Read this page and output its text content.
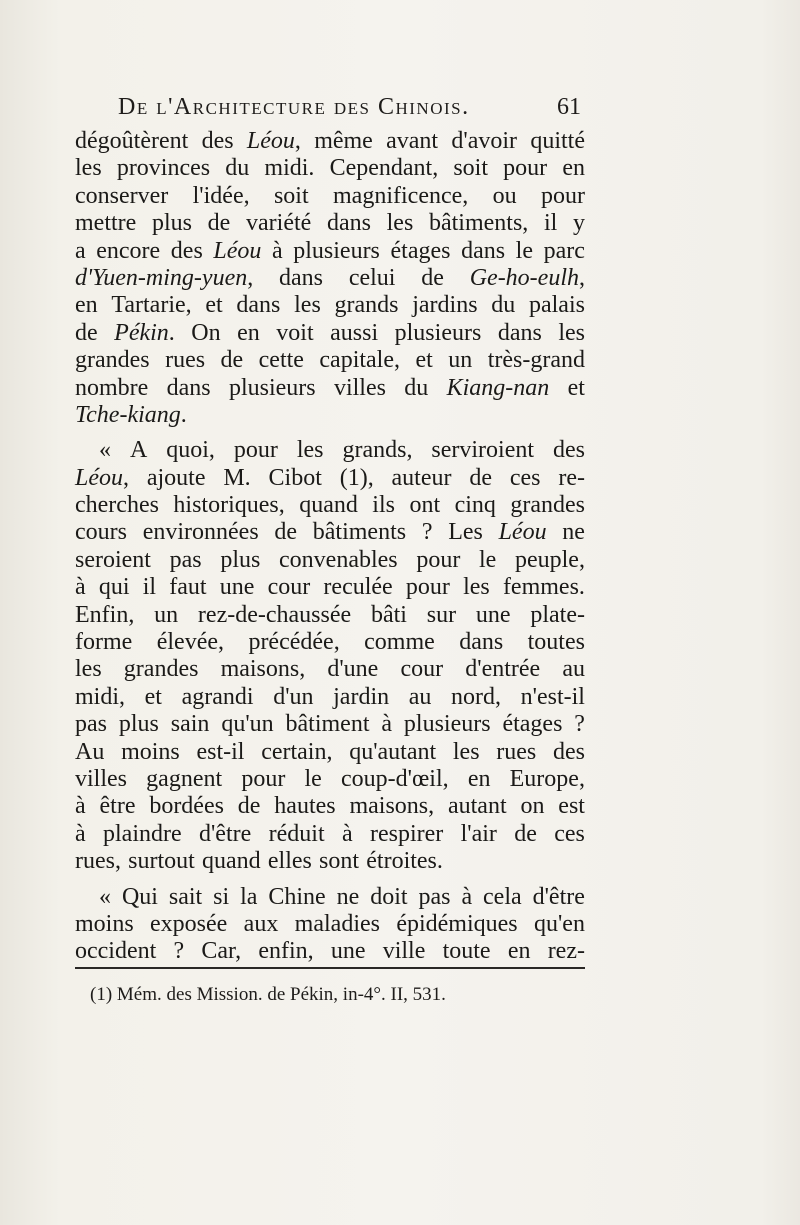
De l'Architecture des Chinois.	61
dégoûtèrent des Léou, même avant d'avoir quitté
les provinces du midi. Cependant, soit pour en
conserver l'idée, soit magnificence, ou pour
mettre plus de variété dans les bâtiments, il y
a encore des Léou à plusieurs étages dans le parc
d'Yuen-ming-yuen, dans celui de Ge-ho-eulh,
en Tartarie, et dans les grands jardins du palais
de Pékin. On en voit aussi plusieurs dans les
grandes rues de cette capitale, et un très-grand
nombre dans plusieurs villes du Kiang-nan et
Tche-kiang.
« A quoi, pour les grands, serviroient des
Léou, ajoute M. Cibot (1), auteur de ces re-
cherches historiques, quand ils ont cinq grandes
cours environnées de bâtiments ? Les Léou ne
seroient pas plus convenables pour le peuple,
à qui il faut une cour reculée pour les femmes.
Enfin, un rez-de-chaussée bâti sur une plate-
forme élevée, précédée, comme dans toutes
les grandes maisons, d'une cour d'entrée au
midi, et agrandi d'un jardin au nord, n'est-il
pas plus sain qu'un bâtiment à plusieurs étages ?
Au moins est-il certain, qu'autant les rues des
villes gagnent pour le coup-d'œil, en Europe,
à être bordées de hautes maisons, autant on est
à plaindre d'être réduit à respirer l'air de ces
rues, surtout quand elles sont étroites.
« Qui sait si la Chine ne doit pas à cela d'être
moins exposée aux maladies épidémiques qu'en
occident ? Car, enfin, une ville toute en rez-
(1) Mém. des Mission. de Pékin, in-4°. II, 531.
